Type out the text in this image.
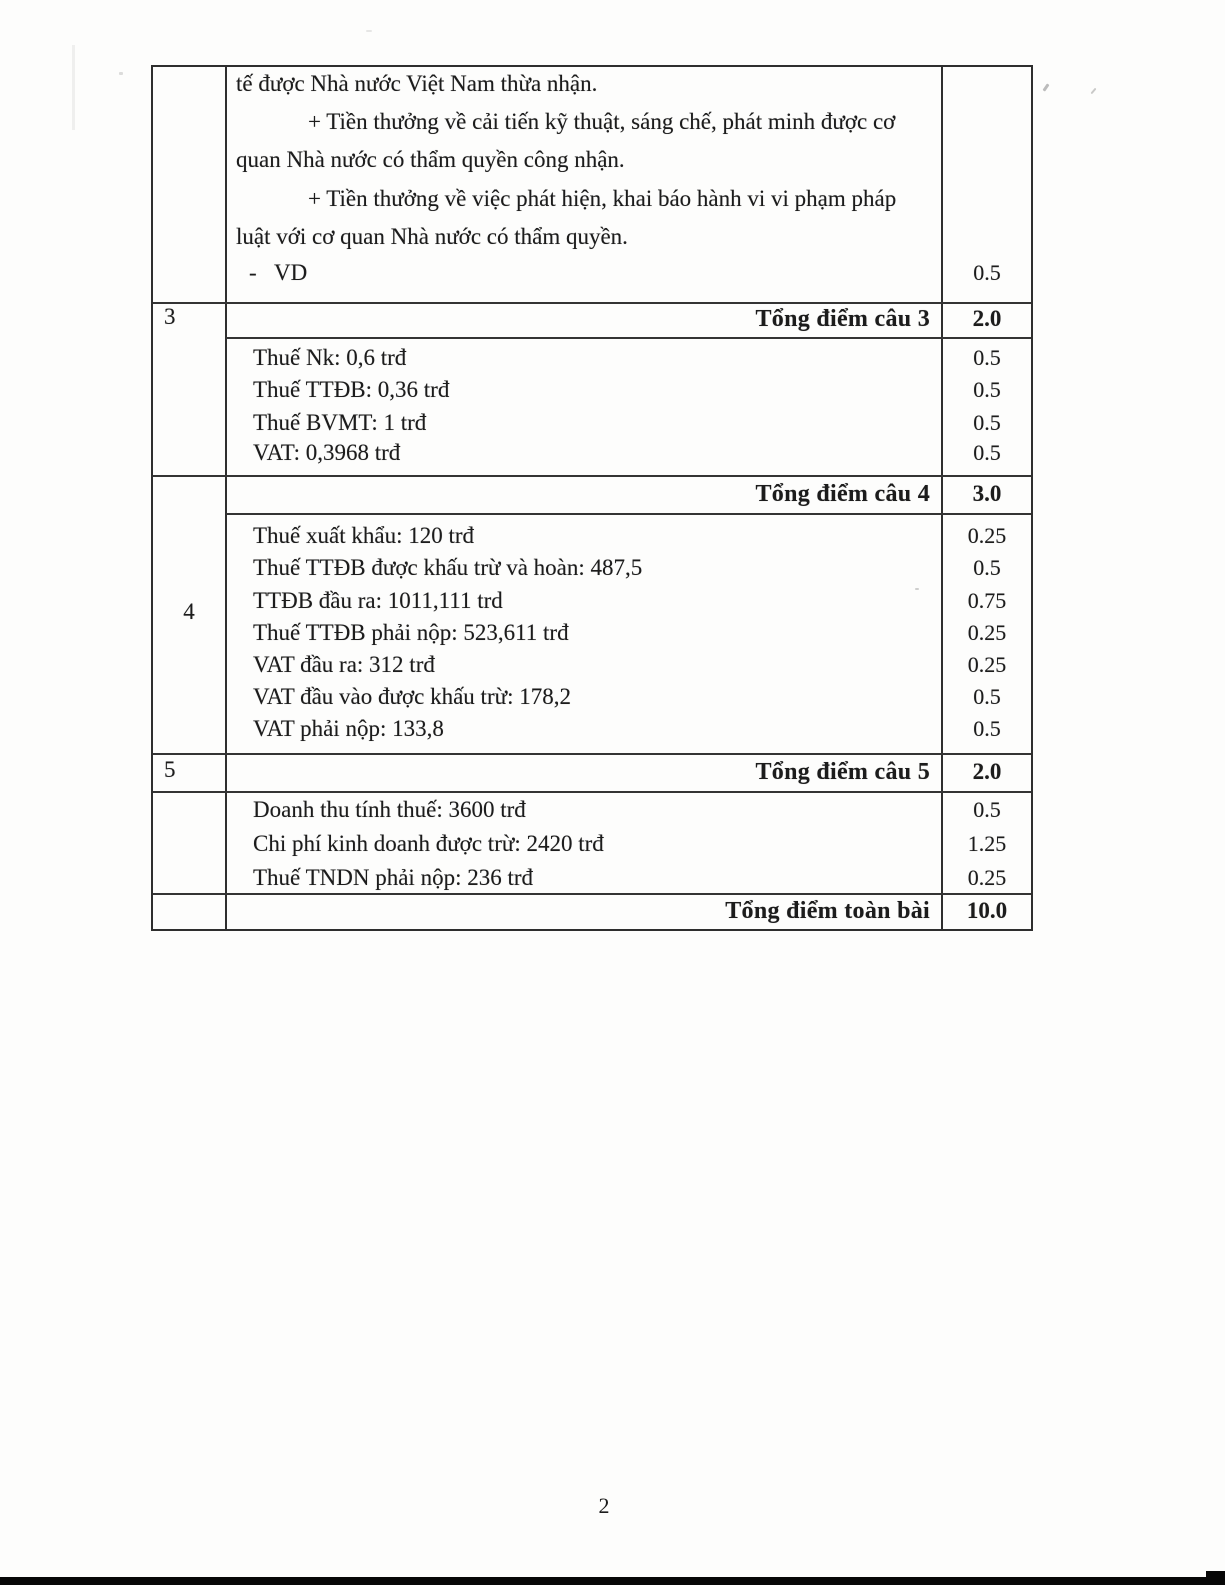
tế được Nhà nước Việt Nam thừa nhận.
+ Tiền thưởng về cải tiến kỹ thuật, sáng chế, phát minh được cơ
quan Nhà nước có thẩm quyền công nhận.
+ Tiền thưởng về việc phát hiện, khai báo hành vi vi phạm pháp
luật với cơ quan Nhà nước có thẩm quyền.
- VD	0.5
3	Tổng điểm câu 3	2.0
Thuế Nk: 0,6 trđ	0.5
Thuế TTĐB: 0,36 trđ	0.5
Thuế BVMT: 1 trđ	0.5
VAT: 0,3968 trđ	0.5
Tổng điểm câu 4	3.0
4
Thuế xuất khẩu: 120 trđ	0.25
Thuế TTĐB được khấu trừ và hoàn: 487,5	0.5
TTĐB đầu ra: 1011,111 trd	0.75
Thuế TTĐB phải nộp: 523,611 trđ	0.25
VAT đầu ra: 312 trđ	0.25
VAT đầu vào được khấu trừ: 178,2	0.5
VAT phải nộp: 133,8	0.5
5	Tổng điểm câu 5	2.0
Doanh thu tính thuế: 3600 trđ	0.5
Chi phí kinh doanh được trừ: 2420 trđ	1.25
Thuế TNDN phải nộp: 236 trđ	0.25
Tổng điểm toàn bài	10.0
2
